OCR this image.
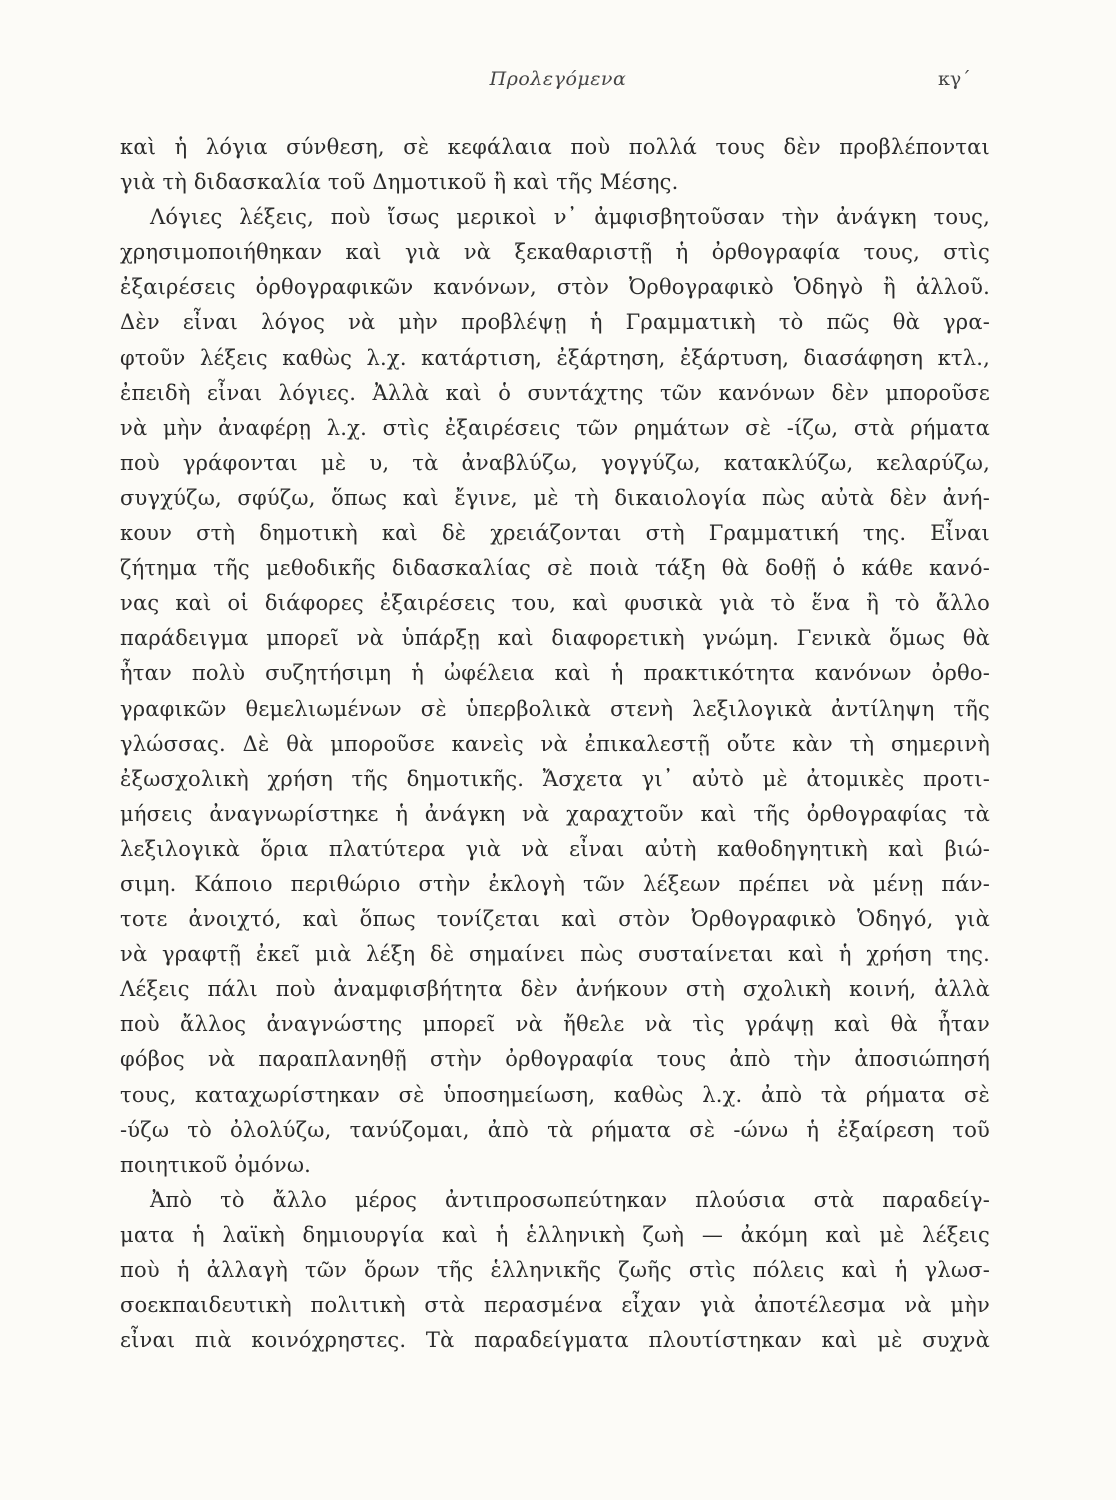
Προλεγόμενα	κγ´
καὶ ἡ λόγια σύνθεση, σὲ κεφάλαια ποὺ πολλά τους δὲν προβλέπονται
γιὰ τὴ διδασκαλία τοῦ Δημοτικοῦ ἢ καὶ τῆς Μέσης.
Λόγιες λέξεις, ποὺ ἴσως μερικοὶ ν᾽ ἀμφισβητοῦσαν τὴν ἀνάγκη τους,
χρησιμοποιήθηκαν καὶ γιὰ νὰ ξεκαθαριστῇ ἡ ὀρθογραφία τους, στὶς
ἐξαιρέσεις ὀρθογραφικῶν κανόνων, στὸν Ὀρθογραφικὸ Ὁδηγὸ ἢ ἀλλοῦ.
Δὲν εἶναι λόγος νὰ μὴν προβλέψῃ ἡ Γραμματικὴ τὸ πῶς θὰ γρα-
φτοῦν λέξεις καθὼς λ.χ. κατάρτιση, ἐξάρτηση, ἐξάρτυση, διασάφηση κτλ.,
ἐπειδὴ εἶναι λόγιες. Ἀλλὰ καὶ ὁ συντάχτης τῶν κανόνων δὲν μποροῦσε
νὰ μὴν ἀναφέρῃ λ.χ. στὶς ἐξαιρέσεις τῶν ρημάτων σὲ -ίζω, στὰ ρήματα
ποὺ γράφονται μὲ υ, τὰ ἀναβλύζω, γογγύζω, κατακλύζω, κελαρύζω,
συγχύζω, σφύζω, ὅπως καὶ ἔγινε, μὲ τὴ δικαιολογία πὼς αὐτὰ δὲν ἀνή-
κουν στὴ δημοτικὴ καὶ δὲ χρειάζονται στὴ Γραμματική της. Εἶναι
ζήτημα τῆς μεθοδικῆς διδασκαλίας σὲ ποιὰ τάξη θὰ δοθῇ ὁ κάθε κανό-
νας καὶ οἱ διάφορες ἐξαιρέσεις του, καὶ φυσικὰ γιὰ τὸ ἕνα ἢ τὸ ἄλλο
παράδειγμα μπορεῖ νὰ ὑπάρξῃ καὶ διαφορετικὴ γνώμη. Γενικὰ ὅμως θὰ
ἦταν πολὺ συζητήσιμη ἡ ὠφέλεια καὶ ἡ πρακτικότητα κανόνων ὀρθο-
γραφικῶν θεμελιωμένων σὲ ὑπερβολικὰ στενὴ λεξιλογικὰ ἀντίληψη τῆς
γλώσσας. Δὲ θὰ μποροῦσε κανεὶς νὰ ἐπικαλεστῇ οὔτε κὰν τὴ σημερινὴ
ἐξωσχολικὴ χρήση τῆς δημοτικῆς. Ἄσχετα γι᾽ αὐτὸ μὲ ἀτομικὲς προτι-
μήσεις ἀναγνωρίστηκε ἡ ἀνάγκη νὰ χαραχτοῦν καὶ τῆς ὀρθογραφίας τὰ
λεξιλογικὰ ὅρια πλατύτερα γιὰ νὰ εἶναι αὐτὴ καθοδηγητικὴ καὶ βιώ-
σιμη. Κάποιο περιθώριο στὴν ἐκλογὴ τῶν λέξεων πρέπει νὰ μένῃ πάν-
τοτε ἀνοιχτό, καὶ ὅπως τονίζεται καὶ στὸν Ὀρθογραφικὸ Ὁδηγό, γιὰ
νὰ γραφτῇ ἐκεῖ μιὰ λέξη δὲ σημαίνει πὼς συσταίνεται καὶ ἡ χρήση της.
Λέξεις πάλι ποὺ ἀναμφισβήτητα δὲν ἀνήκουν στὴ σχολικὴ κοινή, ἀλλὰ
ποὺ ἄλλος ἀναγνώστης μπορεῖ νὰ ἤθελε νὰ τὶς γράψῃ καὶ θὰ ἦταν
φόβος νὰ παραπλανηθῇ στὴν ὀρθογραφία τους ἀπὸ τὴν ἀποσιώπησή
τους, καταχωρίστηκαν σὲ ὑποσημείωση, καθὼς λ.χ. ἀπὸ τὰ ρήματα σὲ
-ύζω τὸ ὀλολύζω, τανύζομαι, ἀπὸ τὰ ρήματα σὲ -ώνω ἡ ἐξαίρεση τοῦ
ποιητικοῦ ὀμόνω.
Ἀπὸ τὸ ἄλλο μέρος ἀντιπροσωπεύτηκαν πλούσια στὰ παραδείγ-
ματα ἡ λαϊκὴ δημιουργία καὶ ἡ ἑλληνικὴ ζωὴ — ἀκόμη καὶ μὲ λέξεις
ποὺ ἡ ἀλλαγὴ τῶν ὅρων τῆς ἑλληνικῆς ζωῆς στὶς πόλεις καὶ ἡ γλωσ-
σοεκπαιδευτικὴ πολιτικὴ στὰ περασμένα εἶχαν γιὰ ἀποτέλεσμα νὰ μὴν
εἶναι πιὰ κοινόχρηστες. Τὰ παραδείγματα πλουτίστηκαν καὶ μὲ συχνὰ
